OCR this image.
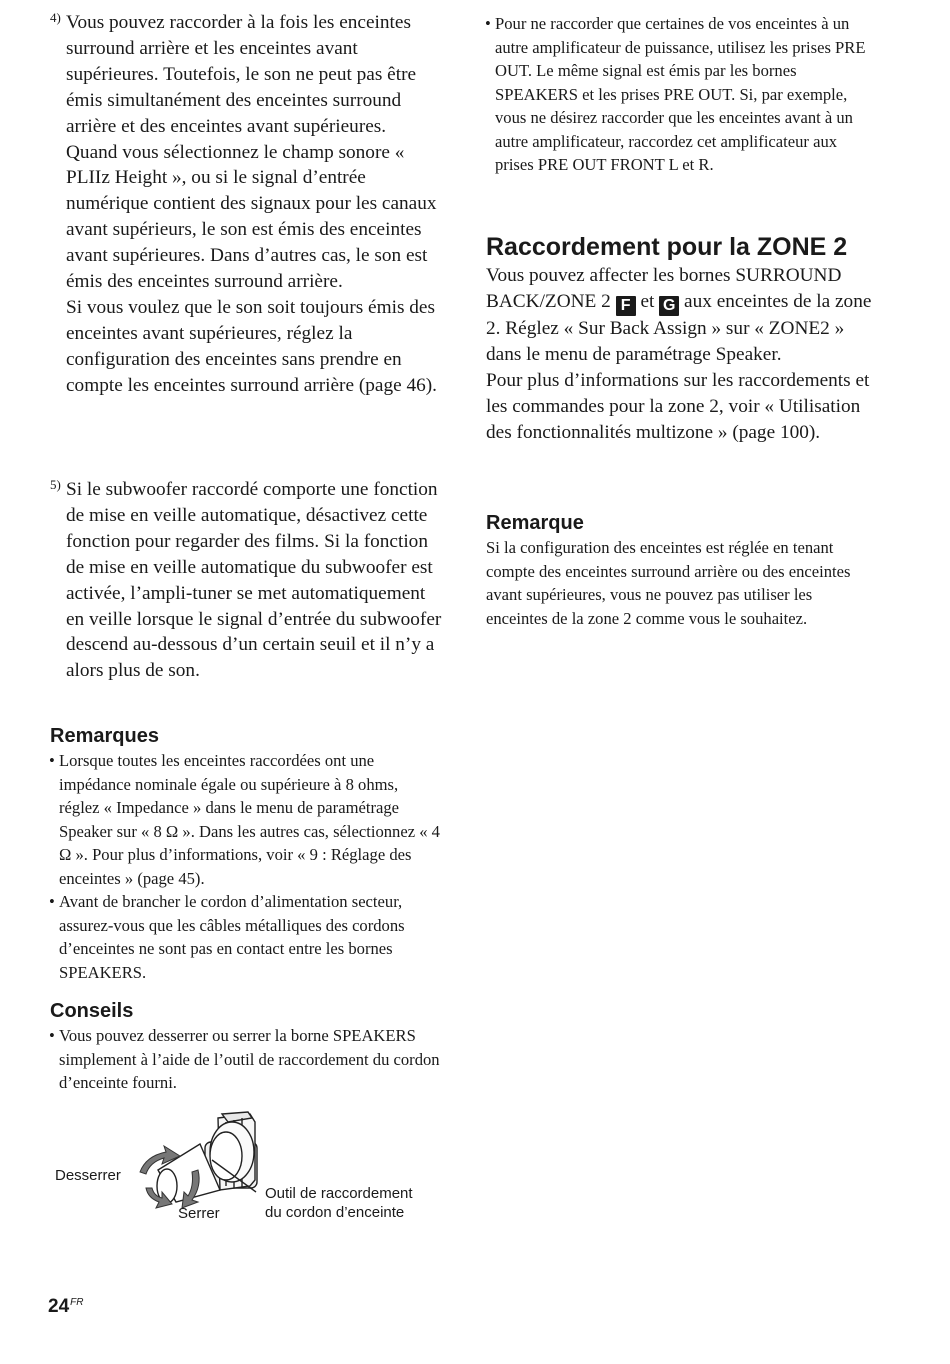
4) Vous pouvez raccorder à la fois les enceintes surround arrière et les enceintes avant supérieures. Toutefois, le son ne peut pas être émis simultanément des enceintes surround arrière et des enceintes avant supérieures.

Quand vous sélectionnez le champ sonore « PLIIz Height », ou si le signal d’entrée numérique contient des signaux pour les canaux avant supérieurs, le son est émis des enceintes avant supérieures. Dans d’autres cas, le son est émis des enceintes surround arrière.

Si vous voulez que le son soit toujours émis des enceintes avant supérieures, réglez la configuration des enceintes sans prendre en compte les enceintes surround arrière (page 46).

5) Si le subwoofer raccordé comporte une fonction de mise en veille automatique, désactivez cette fonction pour regarder des films. Si la fonction de mise en veille automatique du subwoofer est activée, l’ampli-tuner se met automatiquement en veille lorsque le signal d’entrée du subwoofer descend au-dessous d’un certain seuil et il n’y a alors plus de son.

Remarques

• Lorsque toutes les enceintes raccordées ont une impédance nominale égale ou supérieure à 8 ohms, réglez « Impedance » dans le menu de paramétrage Speaker sur « 8 Ω ». Dans les autres cas, sélectionnez « 4 Ω ». Pour plus d’informations, voir « 9 : Réglage des enceintes » (page 45).

• Avant de brancher le cordon d’alimentation secteur, assurez-vous que les câbles métalliques des cordons d’enceintes ne sont pas en contact entre les bornes SPEAKERS.

Conseils

• Vous pouvez desserrer ou serrer la borne SPEAKERS simplement à l’aide de l’outil de raccordement du cordon d’enceinte fourni.

Desserrer
Serrer
Outil de raccordement
du cordon d’enceinte

• Pour ne raccorder que certaines de vos enceintes à un autre amplificateur de puissance, utilisez les prises PRE OUT. Le même signal est émis par les bornes SPEAKERS et les prises PRE OUT. Si, par exemple, vous ne désirez raccorder que les enceintes avant à un autre amplificateur, raccordez cet amplificateur aux prises PRE OUT FRONT L et R.

Raccordement pour la ZONE 2

Vous pouvez affecter les bornes SURROUND BACK/ZONE 2 F et G aux enceintes de la zone 2. Réglez « Sur Back Assign » sur « ZONE2 » dans le menu de paramétrage Speaker.

Pour plus d’informations sur les raccordements et les commandes pour la zone 2, voir « Utilisation des fonctionnalités multizone » (page 100).

Remarque

Si la configuration des enceintes est réglée en tenant compte des enceintes surround arrière ou des enceintes avant supérieures, vous ne pouvez pas utiliser les enceintes de la zone 2 comme vous le souhaitez.

$24^{FR}$
